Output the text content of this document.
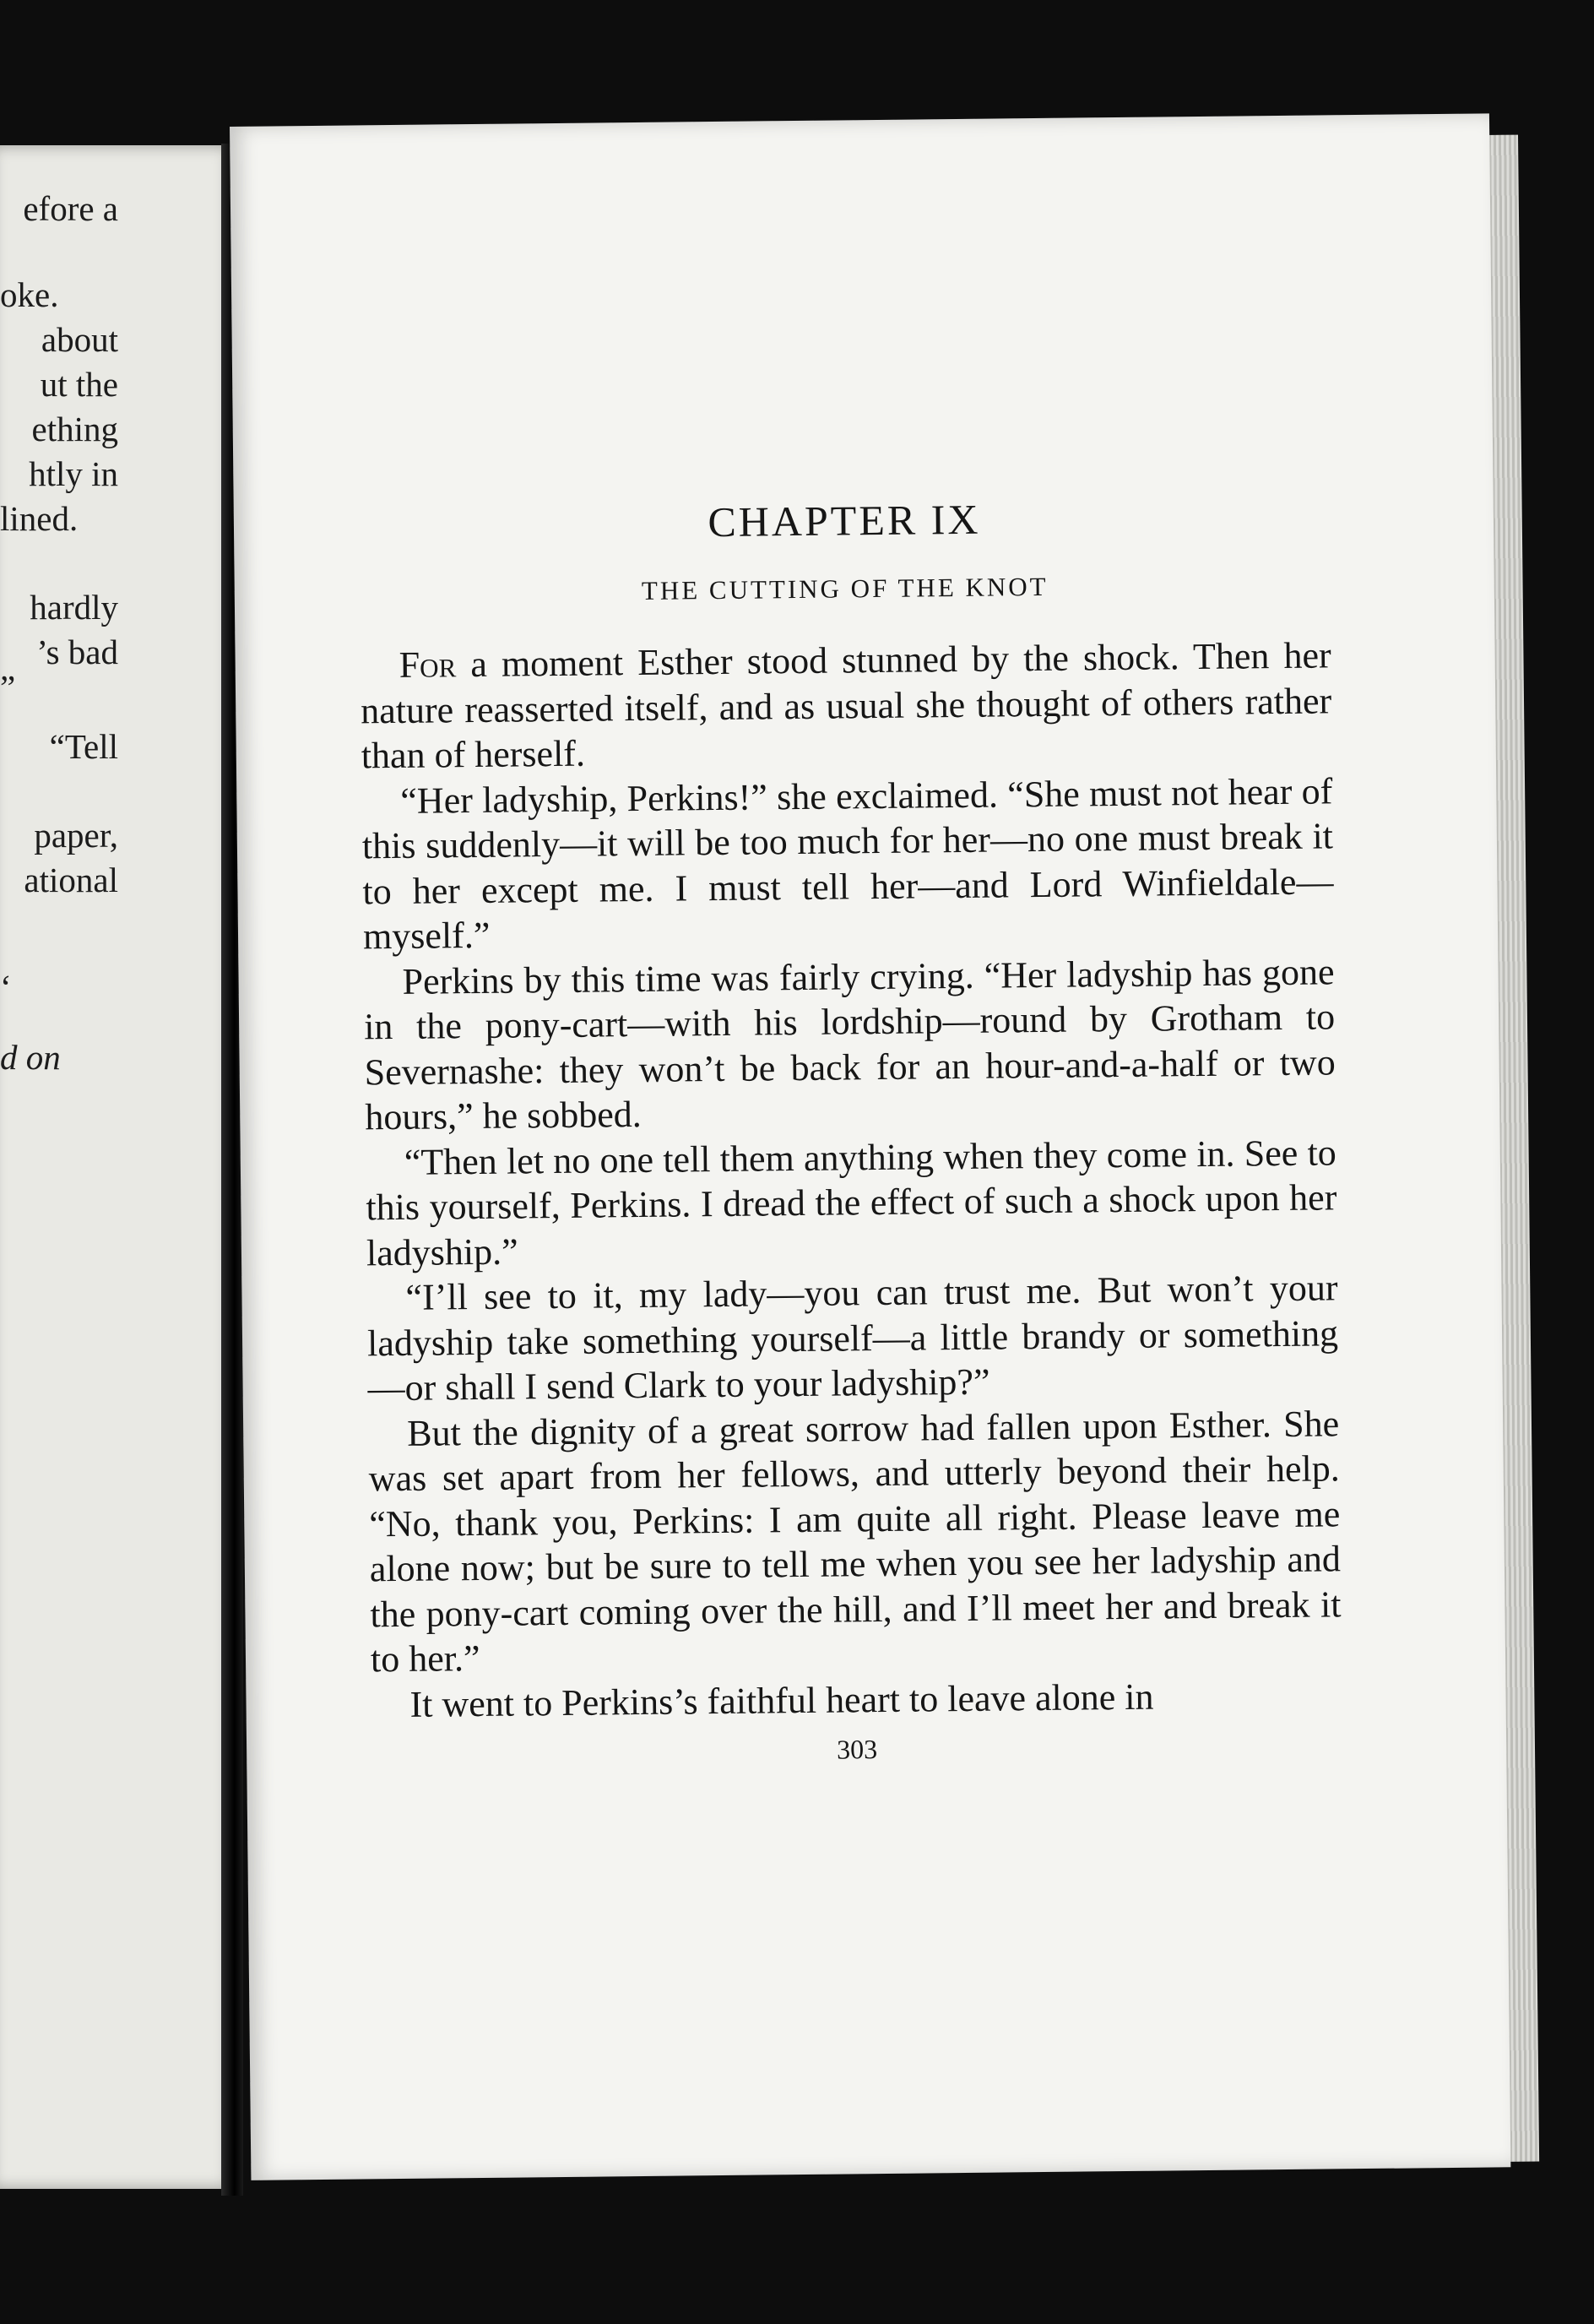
efore a
oke.
about
ut the
ething
htly in
lined.
hardly
’s bad
”
“Tell
paper,
ational
‘
d on
CHAPTER IX
THE CUTTING OF THE KNOT

For a moment Esther stood stunned by the shock. Then her nature reasserted itself, and as usual she thought of others rather than of herself.

“Her ladyship, Perkins!” she exclaimed. “She must not hear of this suddenly—it will be too much for her—no one must break it to her except me. I must tell her—and Lord Winfieldale—myself.”

Perkins by this time was fairly crying. “Her ladyship has gone in the pony-cart—with his lordship—round by Grotham to Severnashe: they won’t be back for an hour-and-a-half or two hours,” he sobbed.

“Then let no one tell them anything when they come in. See to this yourself, Perkins. I dread the effect of such a shock upon her ladyship.”

“I’ll see to it, my lady—you can trust me. But won’t your ladyship take something yourself—a little brandy or something—or shall I send Clark to your ladyship?”

But the dignity of a great sorrow had fallen upon Esther. She was set apart from her fellows, and utterly beyond their help. “No, thank you, Perkins: I am quite all right. Please leave me alone now; but be sure to tell me when you see her ladyship and the pony-cart coming over the hill, and I’ll meet her and break it to her.”

It went to Perkins’s faithful heart to leave alone in

303
